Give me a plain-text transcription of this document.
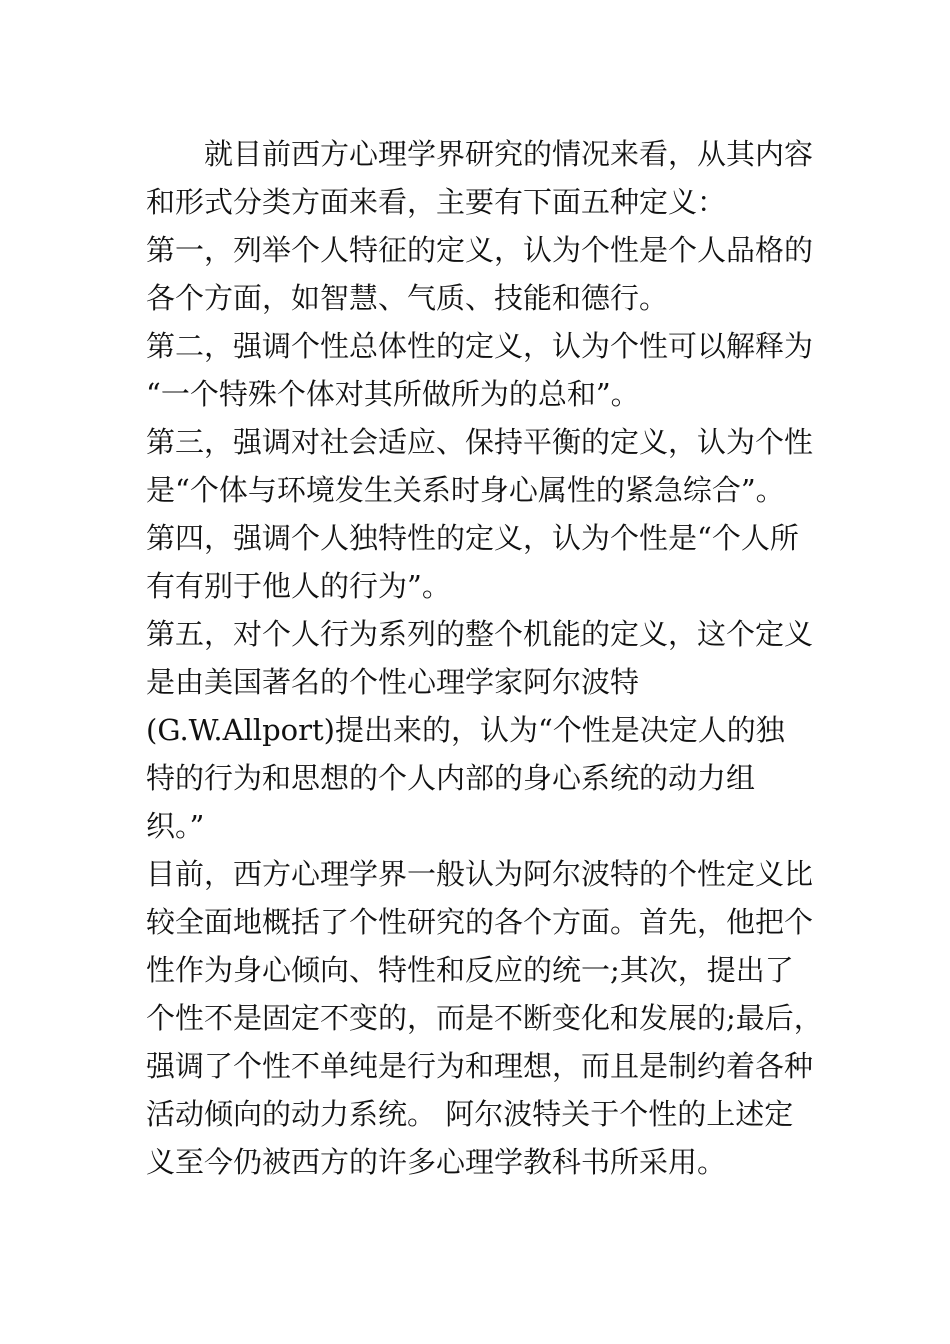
就目前西方心理学界研究的情况来看，从其内容
和形式分类方面来看，主要有下面五种定义：
第一，列举个人特征的定义，认为个性是个人品格的
各个方面，如智慧、气质、技能和德行。
第二，强调个性总体性的定义，认为个性可以解释为
“一个特殊个体对其所做所为的总和”。
第三，强调对社会适应、保持平衡的定义，认为个性
是“个体与环境发生关系时身心属性的紧急综合”。
第四，强调个人独特性的定义，认为个性是“个人所
有有别于他人的行为”。
第五，对个人行为系列的整个机能的定义，这个定义
是由美国著名的个性心理学家阿尔波特
(G.W.Allport)提出来的，认为“个性是决定人的独
特的行为和思想的个人内部的身心系统的动力组
织。”
目前，西方心理学界一般认为阿尔波特的个性定义比
较全面地概括了个性研究的各个方面。首先，他把个
性作为身心倾向、特性和反应的统一;其次，提出了
个性不是固定不变的，而是不断变化和发展的;最后，
强调了个性不单纯是行为和理想，而且是制约着各种
活动倾向的动力系统。 阿尔波特关于个性的上述定
义至今仍被西方的许多心理学教科书所采用。
